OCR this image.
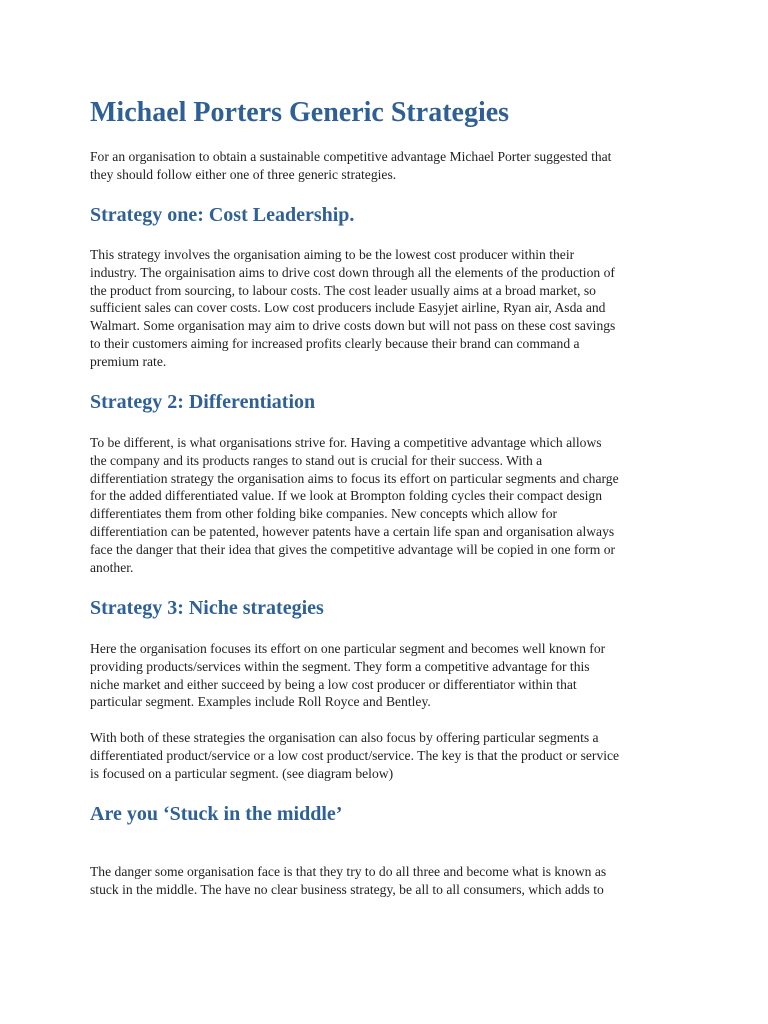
Michael Porters Generic Strategies
For an organisation to obtain a sustainable competitive advantage Michael Porter suggested that
they should follow either one of three generic strategies.
Strategy one: Cost Leadership.
This strategy involves the organisation aiming to be the lowest cost producer within their
industry. The orgainisation aims to drive cost down through all the elements of the production of
the product from sourcing, to labour costs. The cost leader usually aims at a broad market, so
sufficient sales can cover costs. Low cost producers include Easyjet airline, Ryan air, Asda and
Walmart. Some organisation may aim to drive costs down but will not pass on these cost savings
to their customers aiming for increased profits clearly because their brand can command a
premium rate.
Strategy 2: Differentiation
To be different, is what organisations strive for. Having a competitive advantage which allows
the company and its products ranges to stand out is crucial for their success. With a
differentiation strategy the organisation aims to focus its effort on particular segments and charge
for the added differentiated value. If we look at Brompton folding cycles their compact design
differentiates them from other folding bike companies. New concepts which allow for
differentiation can be patented, however patents have a certain life span and organisation always
face the danger that their idea that gives the competitive advantage will be copied in one form or
another.
Strategy 3: Niche strategies
Here the organisation focuses its effort on one particular segment and becomes well known for
providing products/services within the segment. They form a competitive advantage for this
niche market and either succeed by being a low cost producer or differentiator within that
particular segment. Examples include Roll Royce and Bentley.
With both of these strategies the organisation can also focus by offering particular segments a
differentiated product/service or a low cost product/service. The key is that the product or service
is focused on a particular segment. (see diagram below)
Are you ‘Stuck in the middle’
The danger some organisation face is that they try to do all three and become what is known as
stuck in the middle. The have no clear business strategy, be all to all consumers, which adds to
